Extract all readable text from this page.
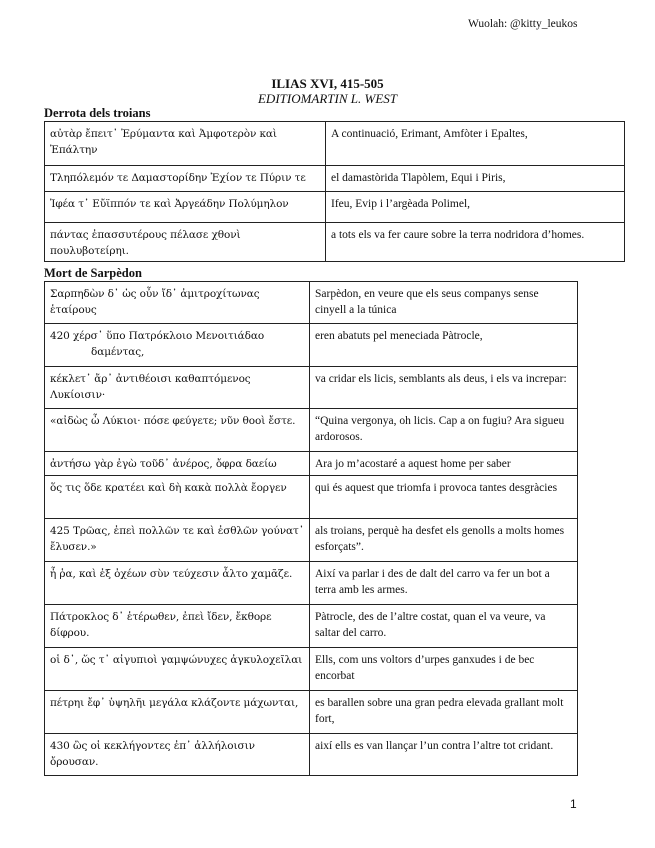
Wuolah: @kitty_leukos
ILIAS XVI, 415-505
EDITIOMARTIN L. WEST
Derrota dels troians
αὐτὰρ ἔπειτ᾽ Ἐρύμαντα καὶ Ἀμφοτερὸν καὶ Ἐπάλτην	A continuació, Erimant, Amfòter i Epaltes,
Τληπόλεμόν τε Δαμαστορίδην Ἐχίον τε Πύριν τε	el damastòrida Tlapòlem, Equi i Piris,
Ἰφέα τ᾽ Εὔϊππόν τε καὶ Ἀργεάδην Πολύμηλον	Ifeu, Evip i l’argèada Polimel,
πάντας ἐπασσυτέρους πέλασε χθονὶ πουλυβοτείρηι.	a tots els va fer caure sobre la terra nodridora d’homes.
Mort de Sarpèdon
Σαρπηδὼν δ᾽ ὡς οὖν ἴδ᾽ ἀμιτροχίτωνας ἑταίρους	Sarpèdon, en veure que els seus companys sense cinyell a la túnica
420 χέρσ᾽ ὕπο Πατρόκλοιο Μενοιτιάδαο
δαμέντας,	eren abatuts pel meneciada Pàtrocle,
κέκλετ᾽ ἄρ᾽ ἀντιθέοισι καθαπτόμενος Λυκίοισιν·	va cridar els licis, semblants als deus, i els va increpar:
«αἰδὼς ὦ Λύκιοι· πόσε φεύγετε; νῦν θοοὶ ἔστε.	“Quina vergonya, oh licis. Cap a on fugiu? Ara sigueu ardorosos.
ἀντήσω γὰρ ἐγὼ τοῦδ᾽ ἀνέρος, ὄφρα δαείω	Ara jo m’acostaré a aquest home per saber
ὅς τις ὅδε κρατέει καὶ δὴ κακὰ πολλὰ ἔοργεν	qui és aquest que triomfa i provoca tantes desgràcies
425 Τρῶας, ἐπεὶ πολλῶν τε καὶ ἐσθλῶν γούνατ᾽ ἔλυσεν.»	als troians, perquè ha desfet els genolls a molts homes esforçats”.
ἦ ῥα, καὶ ἐξ ὀχέων σὺν τεύχεσιν ἆλτο χαμᾶζε.	Així va parlar i des de dalt del carro va fer un bot a terra amb les armes.
Πάτροκλος δ᾽ ἑτέρωθεν, ἐπεὶ ἴδεν, ἔκθορε δίφρου.	Pàtrocle, des de l’altre costat, quan el va veure, va saltar del carro.
οἱ δ᾽, ὥς τ᾽ αἰγυπιοὶ γαμψώνυχες ἀγκυλοχεῖλαι	Ells, com uns voltors d’urpes ganxudes i de bec encorbat
πέτρηι ἔφ᾽ ὑψηλῆι μεγάλα κλάζοντε μάχωνται,	es barallen sobre una gran pedra elevada grallant molt fort,
430 ὣς οἱ κεκλήγοντες ἐπ᾽ ἀλλήλοισιν ὄρουσαν.	així ells es van llançar l’un contra l’altre tot cridant.
1
